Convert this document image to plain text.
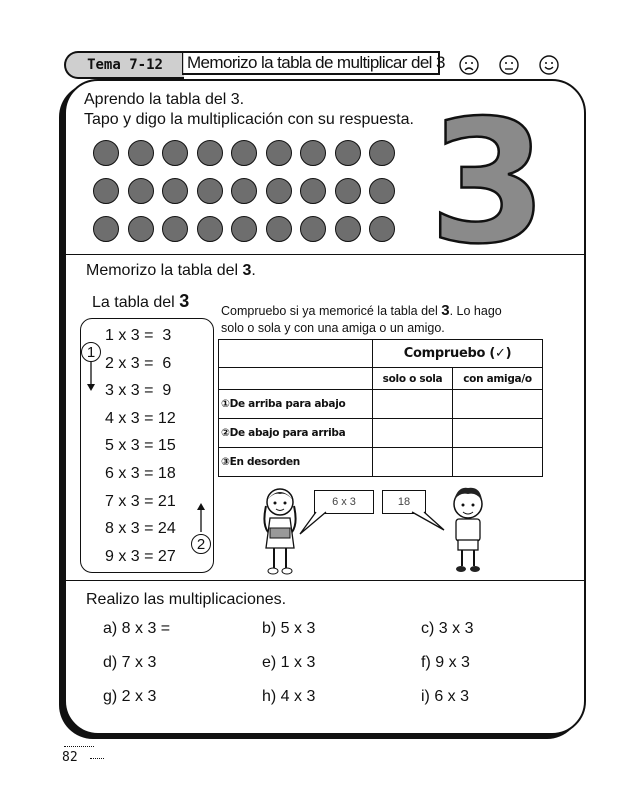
Tema 7-12	Memorizo la tabla de multiplicar del 3
Aprendo la tabla del 3.
Tapo y digo la multiplicación con su respuesta. 3
Memorizo la tabla del 3.
La tabla del 3
1 x 3 =  3
2 x 3 =  6
3 x 3 =  9
4 x 3 = 12
5 x 3 = 15
6 x 3 = 18
7 x 3 = 21
8 x 3 = 24
9 x 3 = 27
1
2
Compruebo si ya memoricé la tabla del 3. Lo hago
solo o sola y con una amiga o un amigo.
	Compruebo (✓)	
	solo o sola	con amiga/o
①De arriba para abajo		
②De abajo para arriba		
③En desorden		
6 x 3	18
Realizo las multiplicaciones.
a) 8 x 3 =	b) 5 x 3	c) 3 x 3
d) 7 x 3	e) 1 x 3	f) 9 x 3
g) 2 x 3	h) 4 x 3	i) 6 x 3
82
